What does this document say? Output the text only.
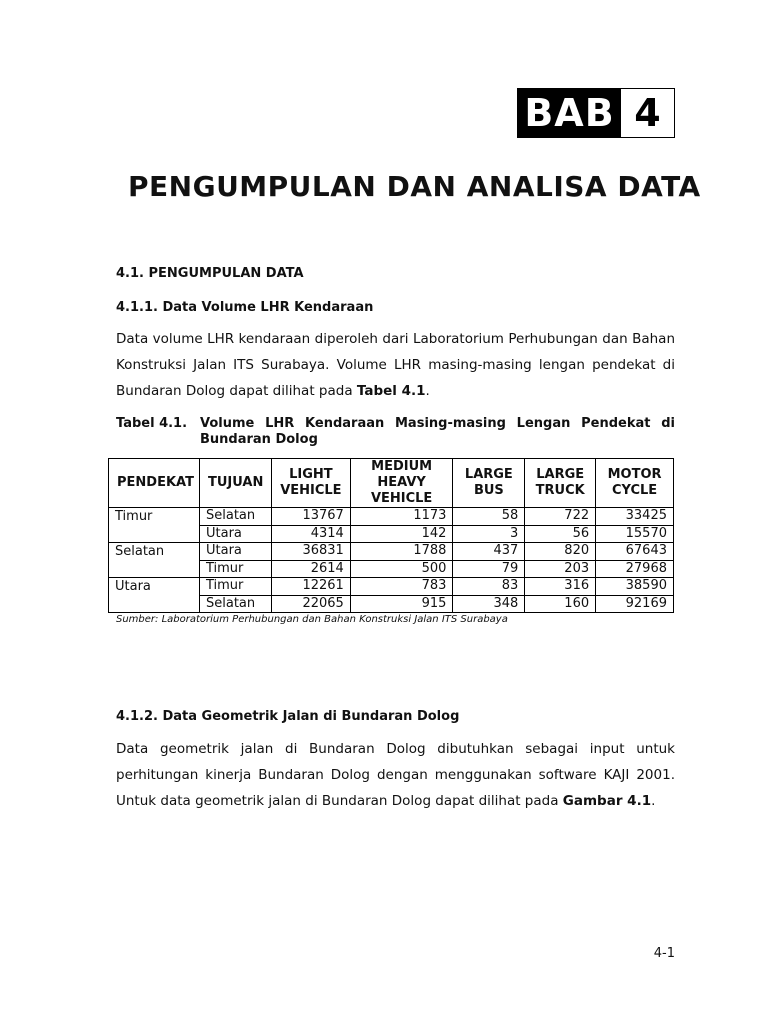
BAB 4
PENGUMPULAN DAN ANALISA DATA
4.1. PENGUMPULAN DATA
4.1.1. Data Volume LHR Kendaraan

Data volume LHR kendaraan diperoleh dari Laboratorium Perhubungan dan Bahan Konstruksi Jalan ITS Surabaya. Volume LHR masing-masing lengan pendekat di Bundaran Dolog dapat dilihat pada Tabel 4.1.

Tabel 4.1. Volume LHR Kendaraan Masing-masing Lengan Pendekat di Bundaran Dolog
PENDEKAT	TUJUAN	LIGHT VEHICLE	MEDIUM HEAVY VEHICLE	LARGE BUS	LARGE TRUCK	MOTOR CYCLE
Timur	Selatan	13767	1173	58	722	33425
	Utara	4314	142	3	56	15570
Selatan	Utara	36831	1788	437	820	67643
	Timur	2614	500	79	203	27968
Utara	Timur	12261	783	83	316	38590
	Selatan	22065	915	348	160	92169

Sumber: Laboratorium Perhubungan dan Bahan Konstruksi Jalan ITS Surabaya

4.1.2. Data Geometrik Jalan di Bundaran Dolog

Data geometrik jalan di Bundaran Dolog dibutuhkan sebagai input untuk perhitungan kinerja Bundaran Dolog dengan menggunakan software KAJI 2001. Untuk data geometrik jalan di Bundaran Dolog dapat dilihat pada Gambar 4.1.

4-1
